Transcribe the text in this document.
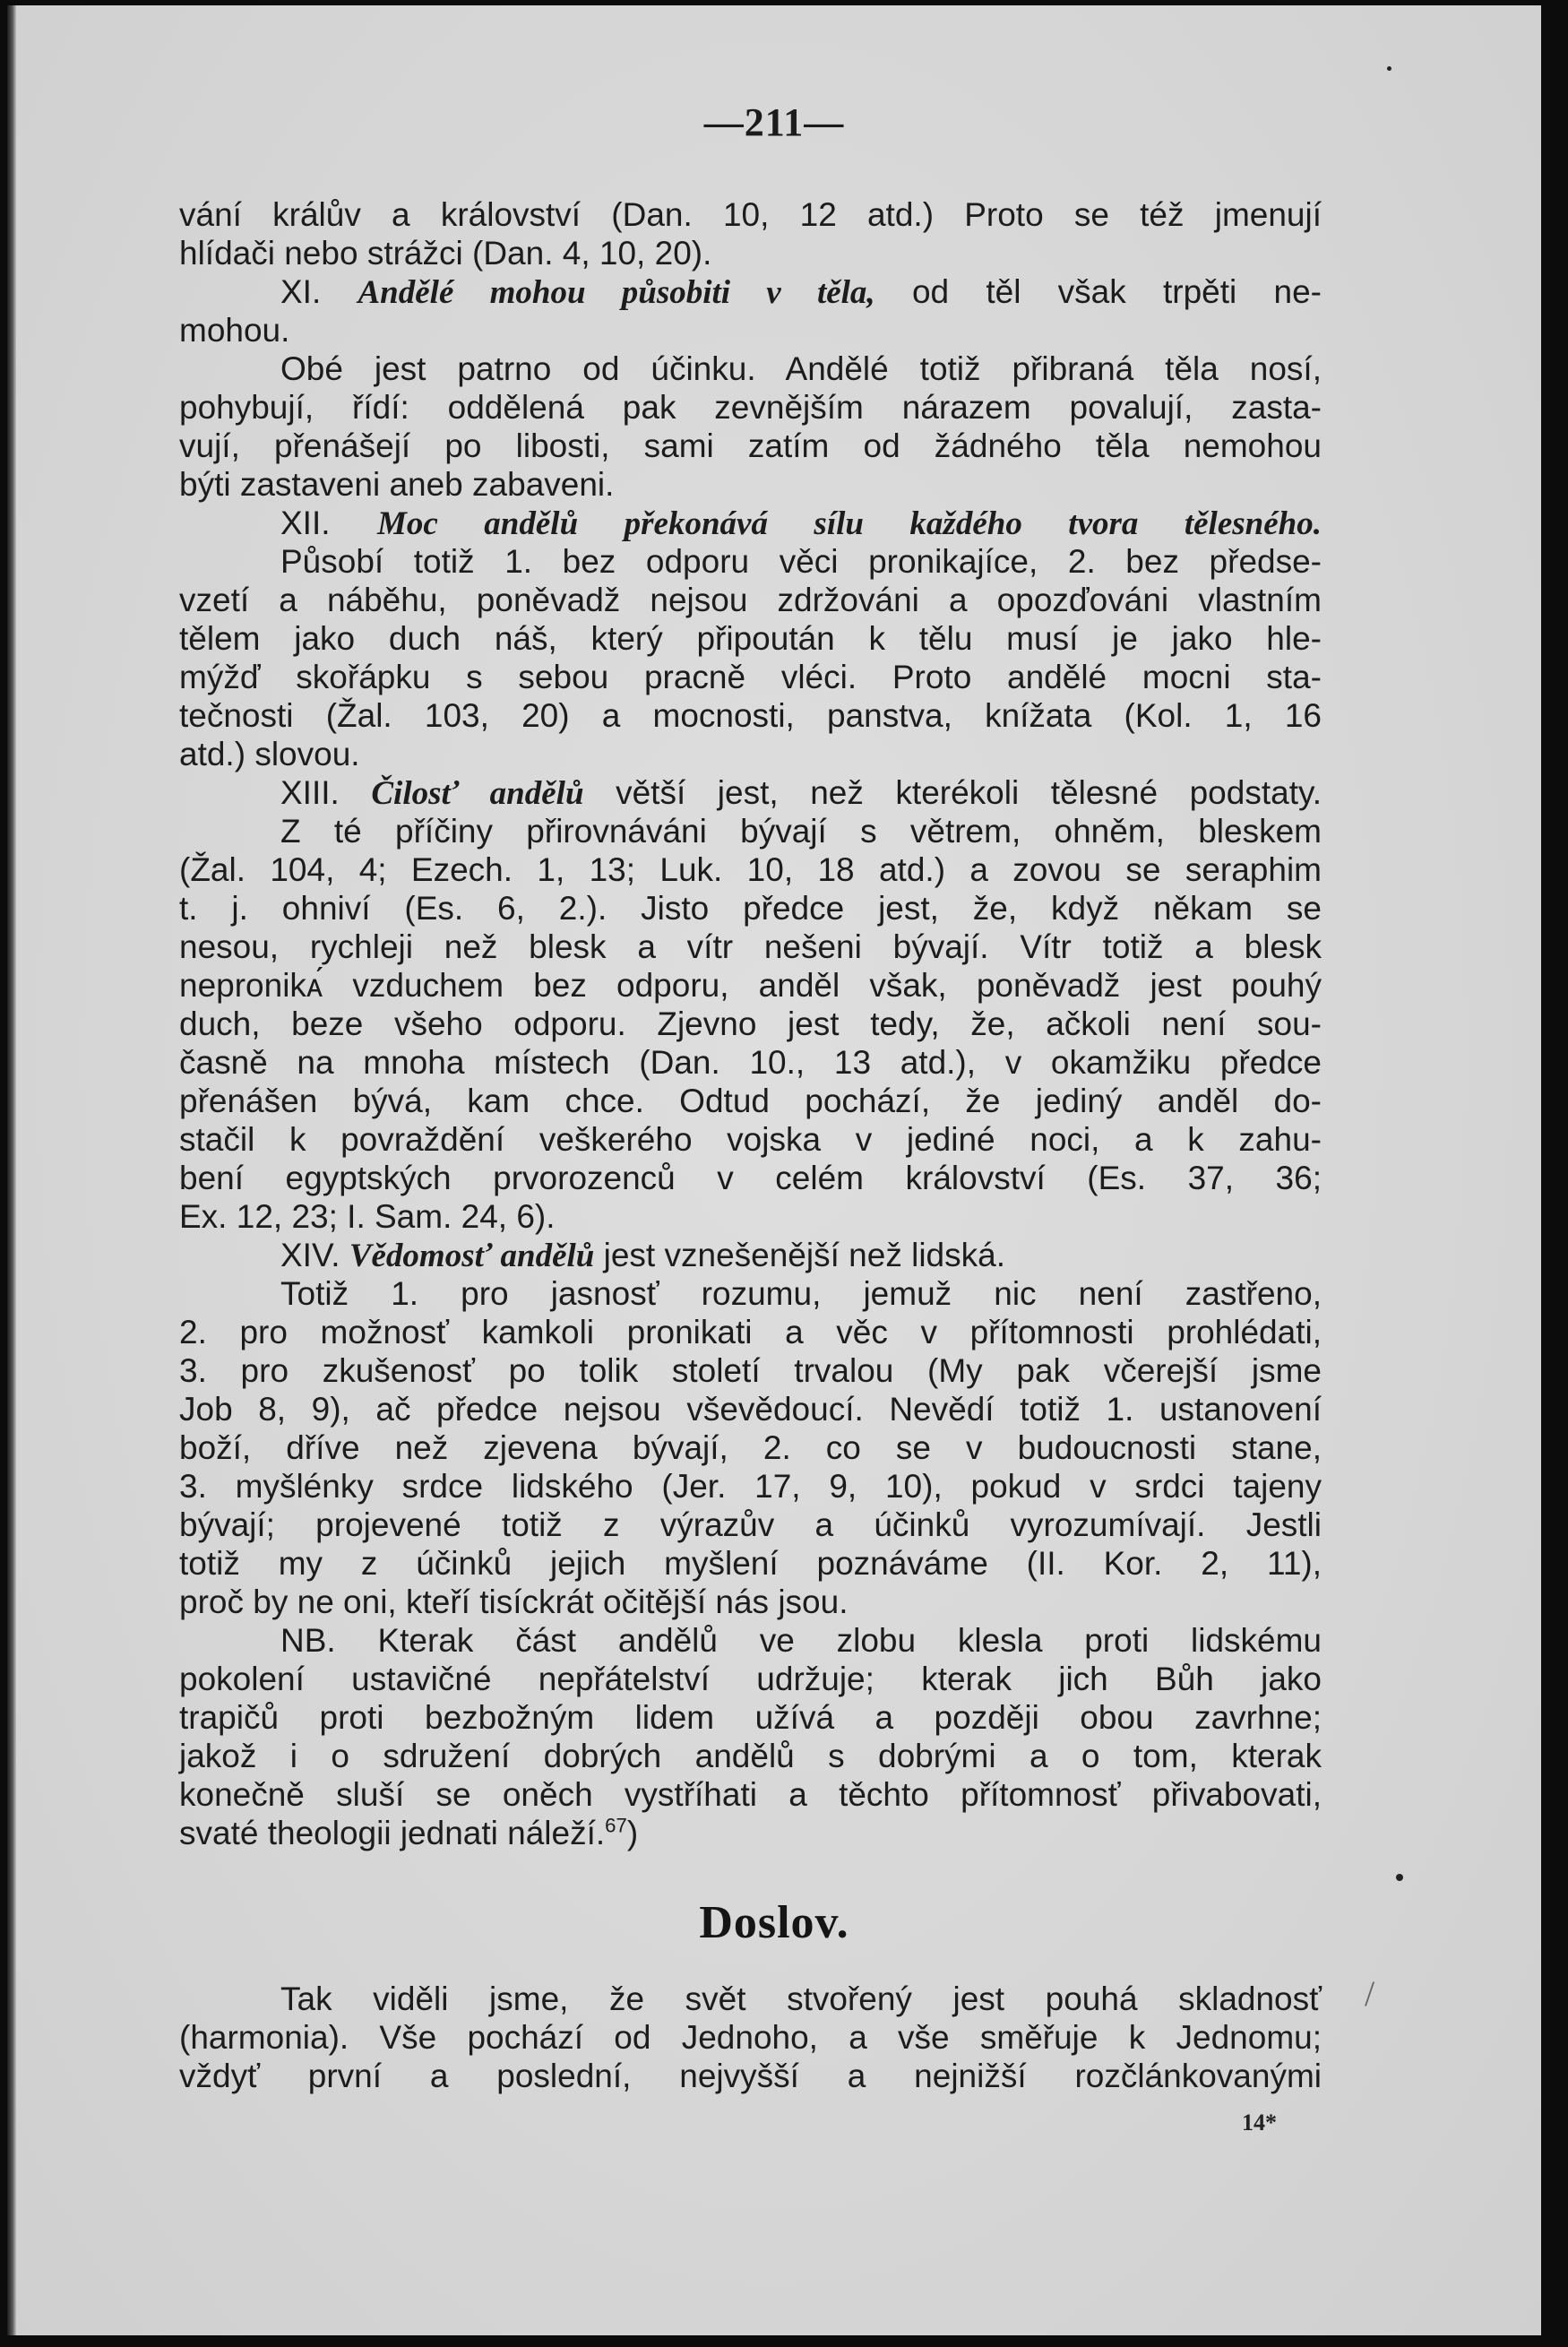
—211—
vání králův a království (Dan. 10, 12 atd.) Proto se též jmenují
hlídači nebo strážci (Dan. 4, 10, 20).
XI. Andělé mohou působiti v těla, od těl však trpěti ne-
mohou.
Obé jest patrno od účinku. Andělé totiž přibraná těla nosí,
pohybují, řídí: oddělená pak zevnějším nárazem povalují, zasta-
vují, přenášejí po libosti, sami zatím od žádného těla nemohou
býti zastaveni aneb zabaveni.
XII. Moc andělů překonává sílu každého tvora tělesného.
Působí totiž 1. bez odporu věci pronikajíce, 2. bez předse-
vzetí a náběhu, poněvadž nejsou zdržováni a opozďováni vlastním
tělem jako duch náš, který připoután k tělu musí je jako hle-
mýžď skořápku s sebou pracně vléci. Proto andělé mocni sta-
tečnosti (Žal. 103, 20) a mocnosti, panstva, knížata (Kol. 1, 16
atd.) slovou.
XIII. Čilosť andělů větší jest, než kterékoli tělesné podstaty.
Z té příčiny přirovnáváni bývají s větrem, ohněm, bleskem
(Žal. 104, 4; Ezech. 1, 13; Luk. 10, 18 atd.) a zovou se seraphim
t. j. ohniví (Es. 6, 2.). Jisto předce jest, že, když někam se
nesou, rychleji než blesk a vítr nešeni bývají. Vítr totiž a blesk
nepronikᴀ́ vzduchem bez odporu, anděl však, poněvadž jest pouhý
duch, beze všeho odporu. Zjevno jest tedy, že, ačkoli není sou-
časně na mnoha místech (Dan. 10., 13 atd.), v okamžiku předce
přenášen bývá, kam chce. Odtud pochází, že jediný anděl do-
stačil k povraždění veškerého vojska v jediné noci, a k zahu-
bení egyptských prvorozenců v celém království (Es. 37, 36;
Ex. 12, 23; I. Sam. 24, 6).
XIV. Vědomosť andělů jest vznešenější než lidská.
Totiž 1. pro jasnosť rozumu, jemuž nic není zastřeno,
2. pro možnosť kamkoli pronikati a věc v přítomnosti prohlédati,
3. pro zkušenosť po tolik století trvalou (My pak včerejší jsme
Job 8, 9), ač předce nejsou vševědoucí. Nevědí totiž 1. ustanovení
boží, dříve než zjevena bývají, 2. co se v budoucnosti stane,
3. myšlénky srdce lidského (Jer. 17, 9, 10), pokud v srdci tajeny
bývají; projevené totiž z výrazův a účinků vyrozumívají. Jestli
totiž my z účinků jejich myšlení poznáváme (II. Kor. 2, 11),
proč by ne oni, kteří tisíckrát očitější nás jsou.
NB. Kterak část andělů ve zlobu klesla proti lidskému
pokolení ustavičné nepřátelství udržuje; kterak jich Bůh jako
trapičů proti bezbožným lidem užívá a později obou zavrhne;
jakož i o sdružení dobrých andělů s dobrými a o tom, kterak
konečně sluší se oněch vystříhati a těchto přítomnosť přivabovati,
svaté theologii jednati náleží.$^{67}$)
Doslov.
Tak viděli jsme, že svět stvořený jest pouhá skladnosť
(harmonia). Vše pochází od Jednoho, a vše směřuje k Jednomu;
vždyť první a poslední, nejvyšší a nejnižší rozčlánkovanými
14*
/
